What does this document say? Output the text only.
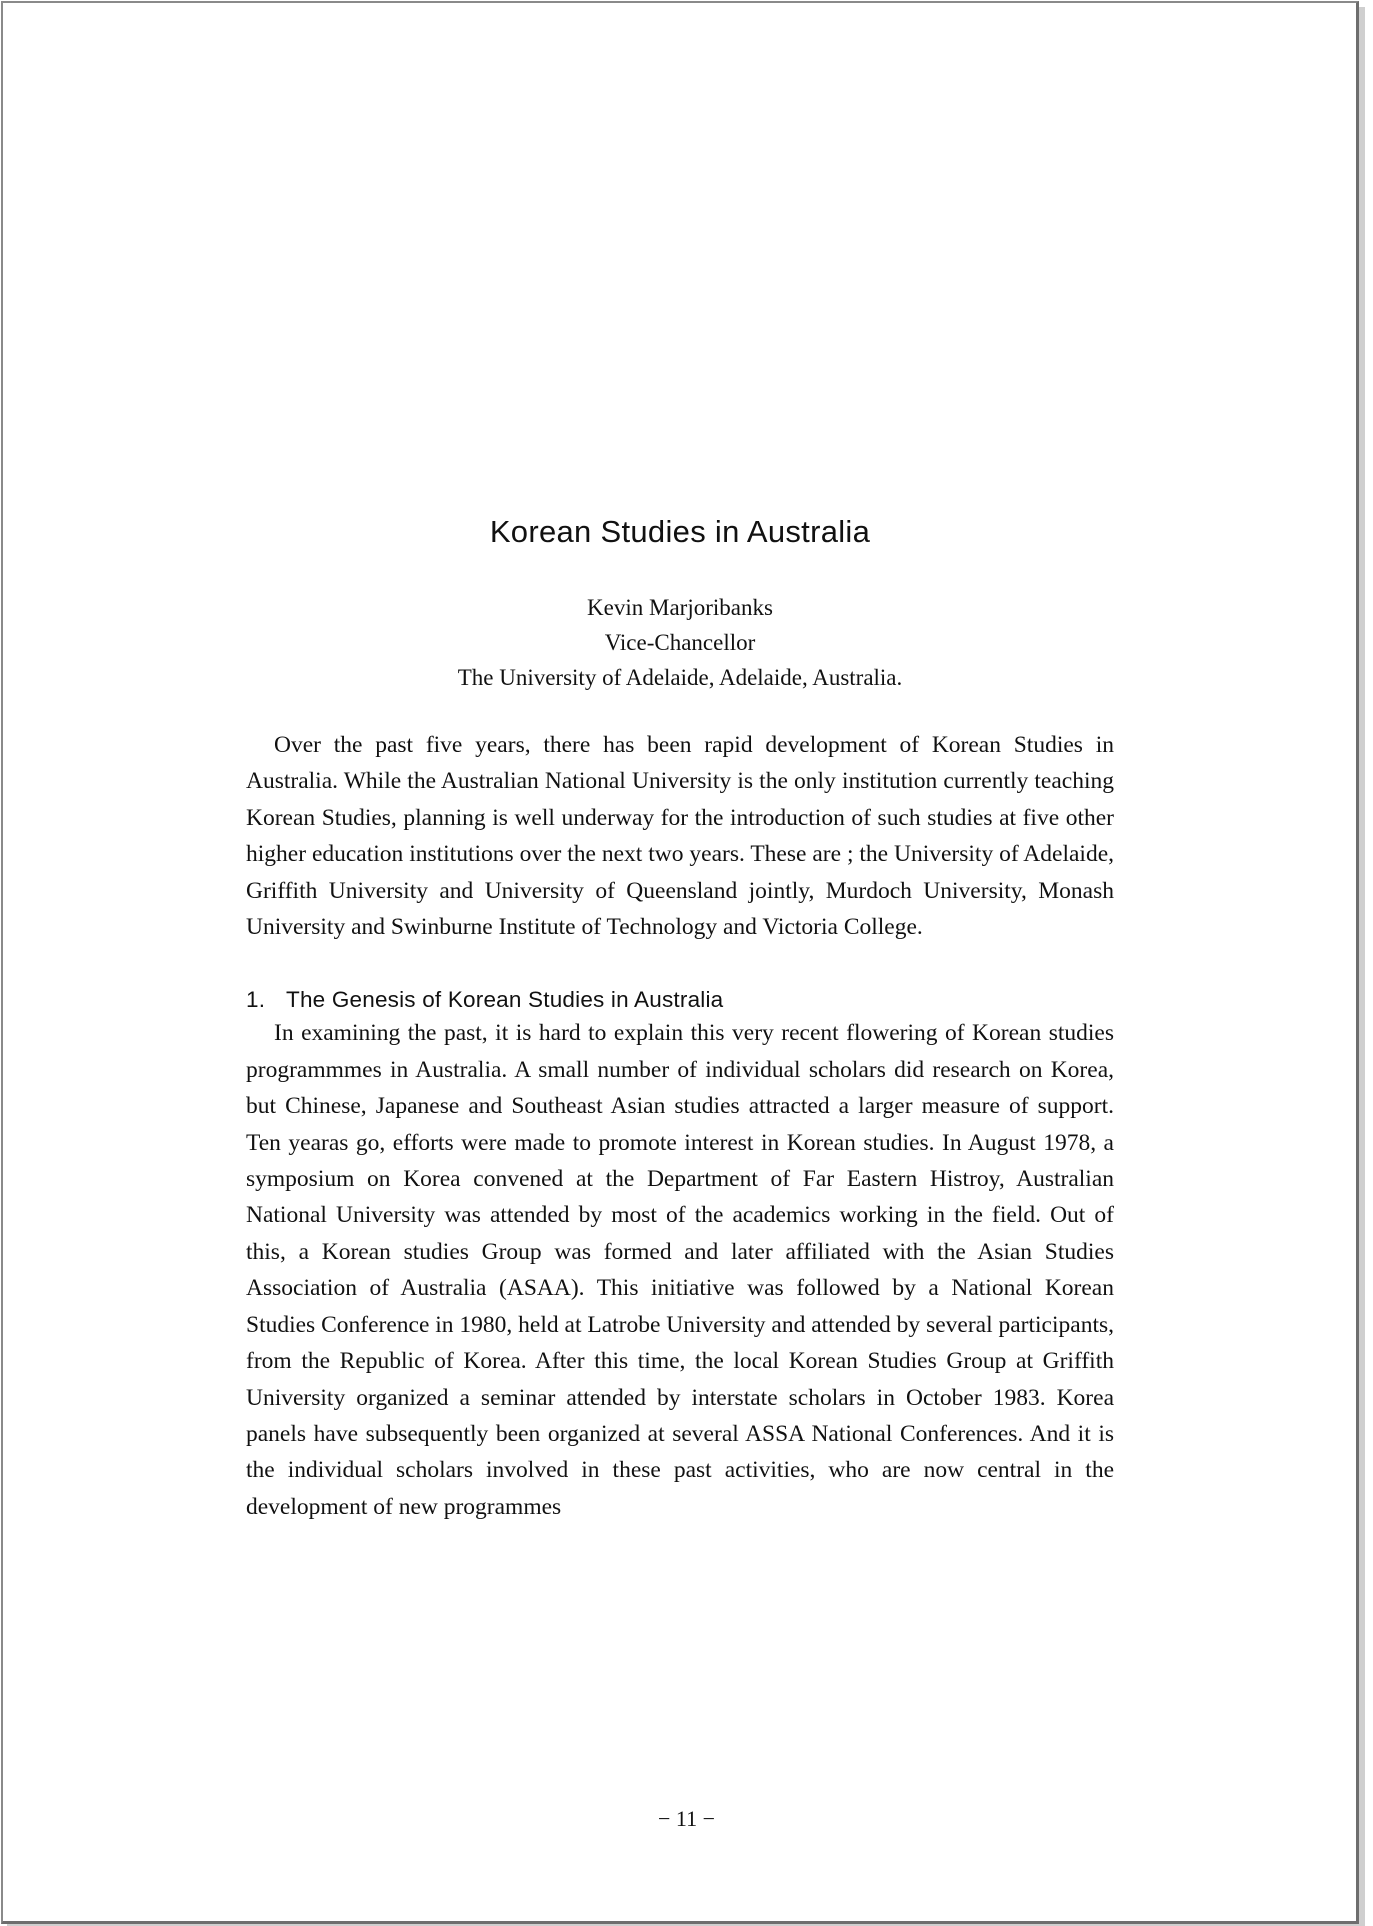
Korean Studies in Australia
Kevin Marjoribanks
Vice-Chancellor
The University of Adelaide, Adelaide, Australia.

Over the past five years, there has been rapid development of Korean Studies in Australia. While the Australian National University is the only institution currently teaching Korean Studies, planning is well underway for the introduction of such studies at five other higher education institutions over the next two years. These are ; the University of Adelaide, Griffith University and University of Queensland jointly, Murdoch University, Monash University and Swinburne Institute of Technology and Victoria College.

1. The Genesis of Korean Studies in Australia

In examining the past, it is hard to explain this very recent flowering of Korean studies programmmes in Australia. A small number of individual scholars did research on Korea, but Chinese, Japanese and Southeast Asian studies attracted a larger measure of support. Ten yearas go, efforts were made to promote interest in Korean studies. In August 1978, a symposium on Korea convened at the Department of Far Eastern Histroy, Australian National University was attended by most of the academics working in the field. Out of this, a Korean studies Group was formed and later affiliated with the Asian Studies Association of Australia (ASAA). This initiative was followed by a National Korean Studies Conference in 1980, held at Latrobe University and attended by several participants, from the Republic of Korea. After this time, the local Korean Studies Group at Griffith University organized a seminar attended by interstate scholars in October 1983. Korea panels have subsequently been organized at several ASSA National Conferences. And it is the individual scholars involved in these past activities, who are now central in the development of new programmes

− 11 −
